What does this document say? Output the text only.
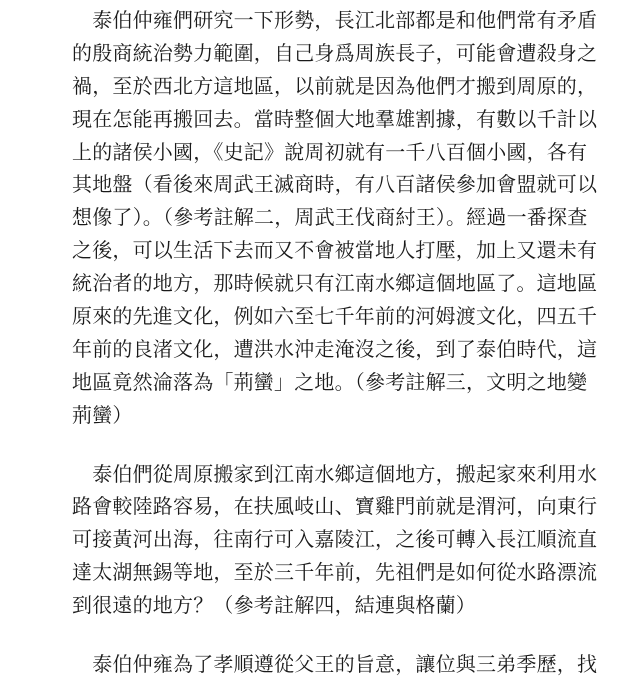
　泰伯仲雍們研究一下形勢，長江北部都是和他們常有矛盾
的殷商統治勢力範圍，自己身爲周族長子，可能會遭殺身之
禍，至於西北方這地區，以前就是因為他們才搬到周原的，
現在怎能再搬回去。當時整個大地羣雄割據，有數以千計以
上的諸侯小國，《史記》說周初就有一千八百個小國，各有
其地盤（看後來周武王滅商時，有八百諸侯參加會盟就可以
想像了）。（參考註解二，周武王伐商紂王）。經過一番探查
之後，可以生活下去而又不會被當地人打壓，加上又還未有
統治者的地方，那時候就只有江南水鄉這個地區了。這地區
原來的先進文化，例如六至七千年前的河姆渡文化，四五千
年前的良渚文化，遭洪水沖走淹沒之後，到了泰伯時代，這
地區竟然淪落為「荊蠻」之地。（參考註解三，文明之地變
荊蠻）
　泰伯們從周原搬家到江南水鄉這個地方，搬起家來利用水
路會較陸路容易，在扶風岐山、寶雞門前就是渭河，向東行
可接黃河出海，往南行可入嘉陵江，之後可轉入長江順流直
達太湖無錫等地，至於三千年前，先祖們是如何從水路漂流
到很遠的地方？（參考註解四，結連與格蘭）
　泰伯仲雍為了孝順遵從父王的旨意，讓位與三弟季歷，找
